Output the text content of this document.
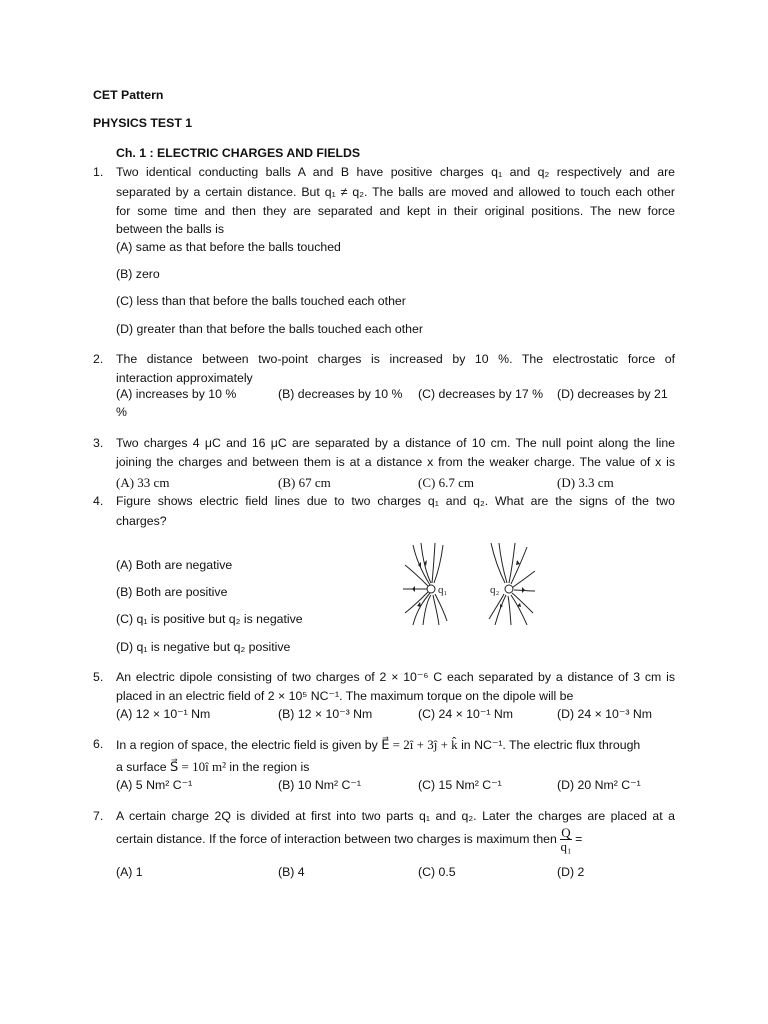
CET Pattern
PHYSICS TEST 1
Ch. 1 : ELECTRIC CHARGES AND FIELDS
1. Two identical conducting balls A and B have positive charges q₁ and q₂ respectively and are
separated by a certain distance. But q₁ ≠ q₂. The balls are moved and allowed to touch each other
for some time and then they are separated and kept in their original positions. The new force
between the balls is
(A) same as that before the balls touched
(B) zero
(C) less than that before the balls touched each other
(D) greater than that before the balls touched each other
2. The distance between two-point charges is increased by 10 %. The electrostatic force of
interaction approximately
(A) increases by 10 %	(B) decreases by 10 % (C) decreases by 17 % (D) decreases by 21
%
3. Two charges 4 μC and 16 μC are separated by a distance of 10 cm. The null point along the line
joining the charges and between them is at a distance x from the weaker charge. The value of x is
(A) 33 cm	(B) 67 cm	(C) 6.7 cm	(D) 3.3 cm
4. Figure shows electric field lines due to two charges q₁ and q₂. What are the signs of the two
charges?
(A) Both are negative
(B) Both are positive
(C) q₁ is positive but q₂ is negative
(D) q₁ is negative but q₂ positive
q₁	q₂
5. An electric dipole consisting of two charges of 2 × 10⁻⁶ C each separated by a distance of 3 cm is
placed in an electric field of 2 × 10⁵ NC⁻¹. The maximum torque on the dipole will be
(A) 12 × 10⁻¹ Nm	(B) 12 × 10⁻³ Nm	(C) 24 × 10⁻¹ Nm	(D) 24 × 10⁻³ Nm
6. In a region of space, the electric field is given by E⃗ = 2î + 3ĵ + k̂ in NC⁻¹. The electric flux through
a surface S⃗ = 10î m² in the region is
(A) 5 Nm² C⁻¹	(B) 10 Nm² C⁻¹	(C) 15 Nm² C⁻¹	(D) 20 Nm² C⁻¹
7. A certain charge 2Q is divided at first into two parts q₁ and q₂. Later the charges are placed at a
certain distance. If the force of interaction between two charges is maximum then $\frac{Q}{\text{q₁}}$ =
(A) 1	(B) 4	(C) 0.5	(D) 2
